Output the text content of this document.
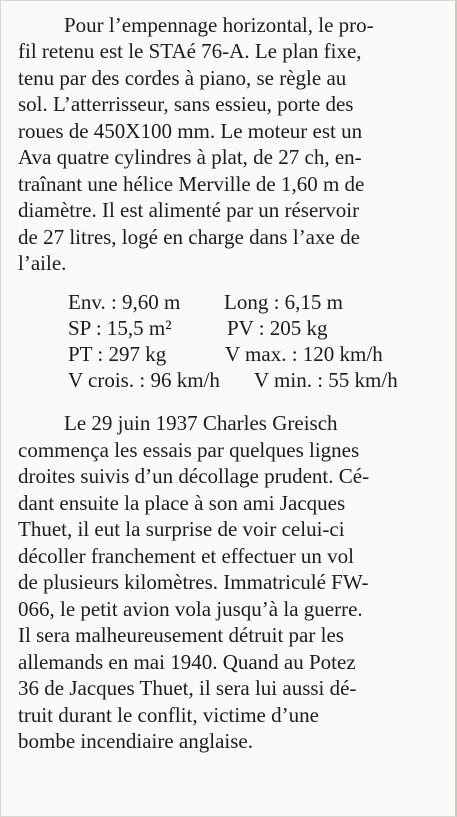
Pour l’empennage horizontal, le pro-
fil retenu est le STAé 76-A. Le plan fixe,
tenu par des cordes à piano, se règle au
sol. L’atterrisseur, sans essieu, porte des
roues de 450X100 mm. Le moteur est un
Ava quatre cylindres à plat, de 27 ch, en-
traînant une hélice Merville de 1,60 m de
diamètre. Il est alimenté par un réservoir
de 27 litres, logé en charge dans l’axe de
l’aile.
Env. : 9,60 m Long : 6,15 m
SP : 15,5 m²	PV : 205 kg
PT : 297 kg	V max. : 120 km/h
V crois. : 96 km/h V min. : 55 km/h
Le 29 juin 1937 Charles Greisch
commença les essais par quelques lignes
droites suivis d’un décollage prudent. Cé-
dant ensuite la place à son ami Jacques
Thuet, il eut la surprise de voir celui-ci
décoller franchement et effectuer un vol
de plusieurs kilomètres. Immatriculé FW-
066, le petit avion vola jusqu’à la guerre.
Il sera malheureusement détruit par les
allemands en mai 1940. Quand au Potez
36 de Jacques Thuet, il sera lui aussi dé-
truit durant le conflit, victime d’une
bombe incendiaire anglaise.
